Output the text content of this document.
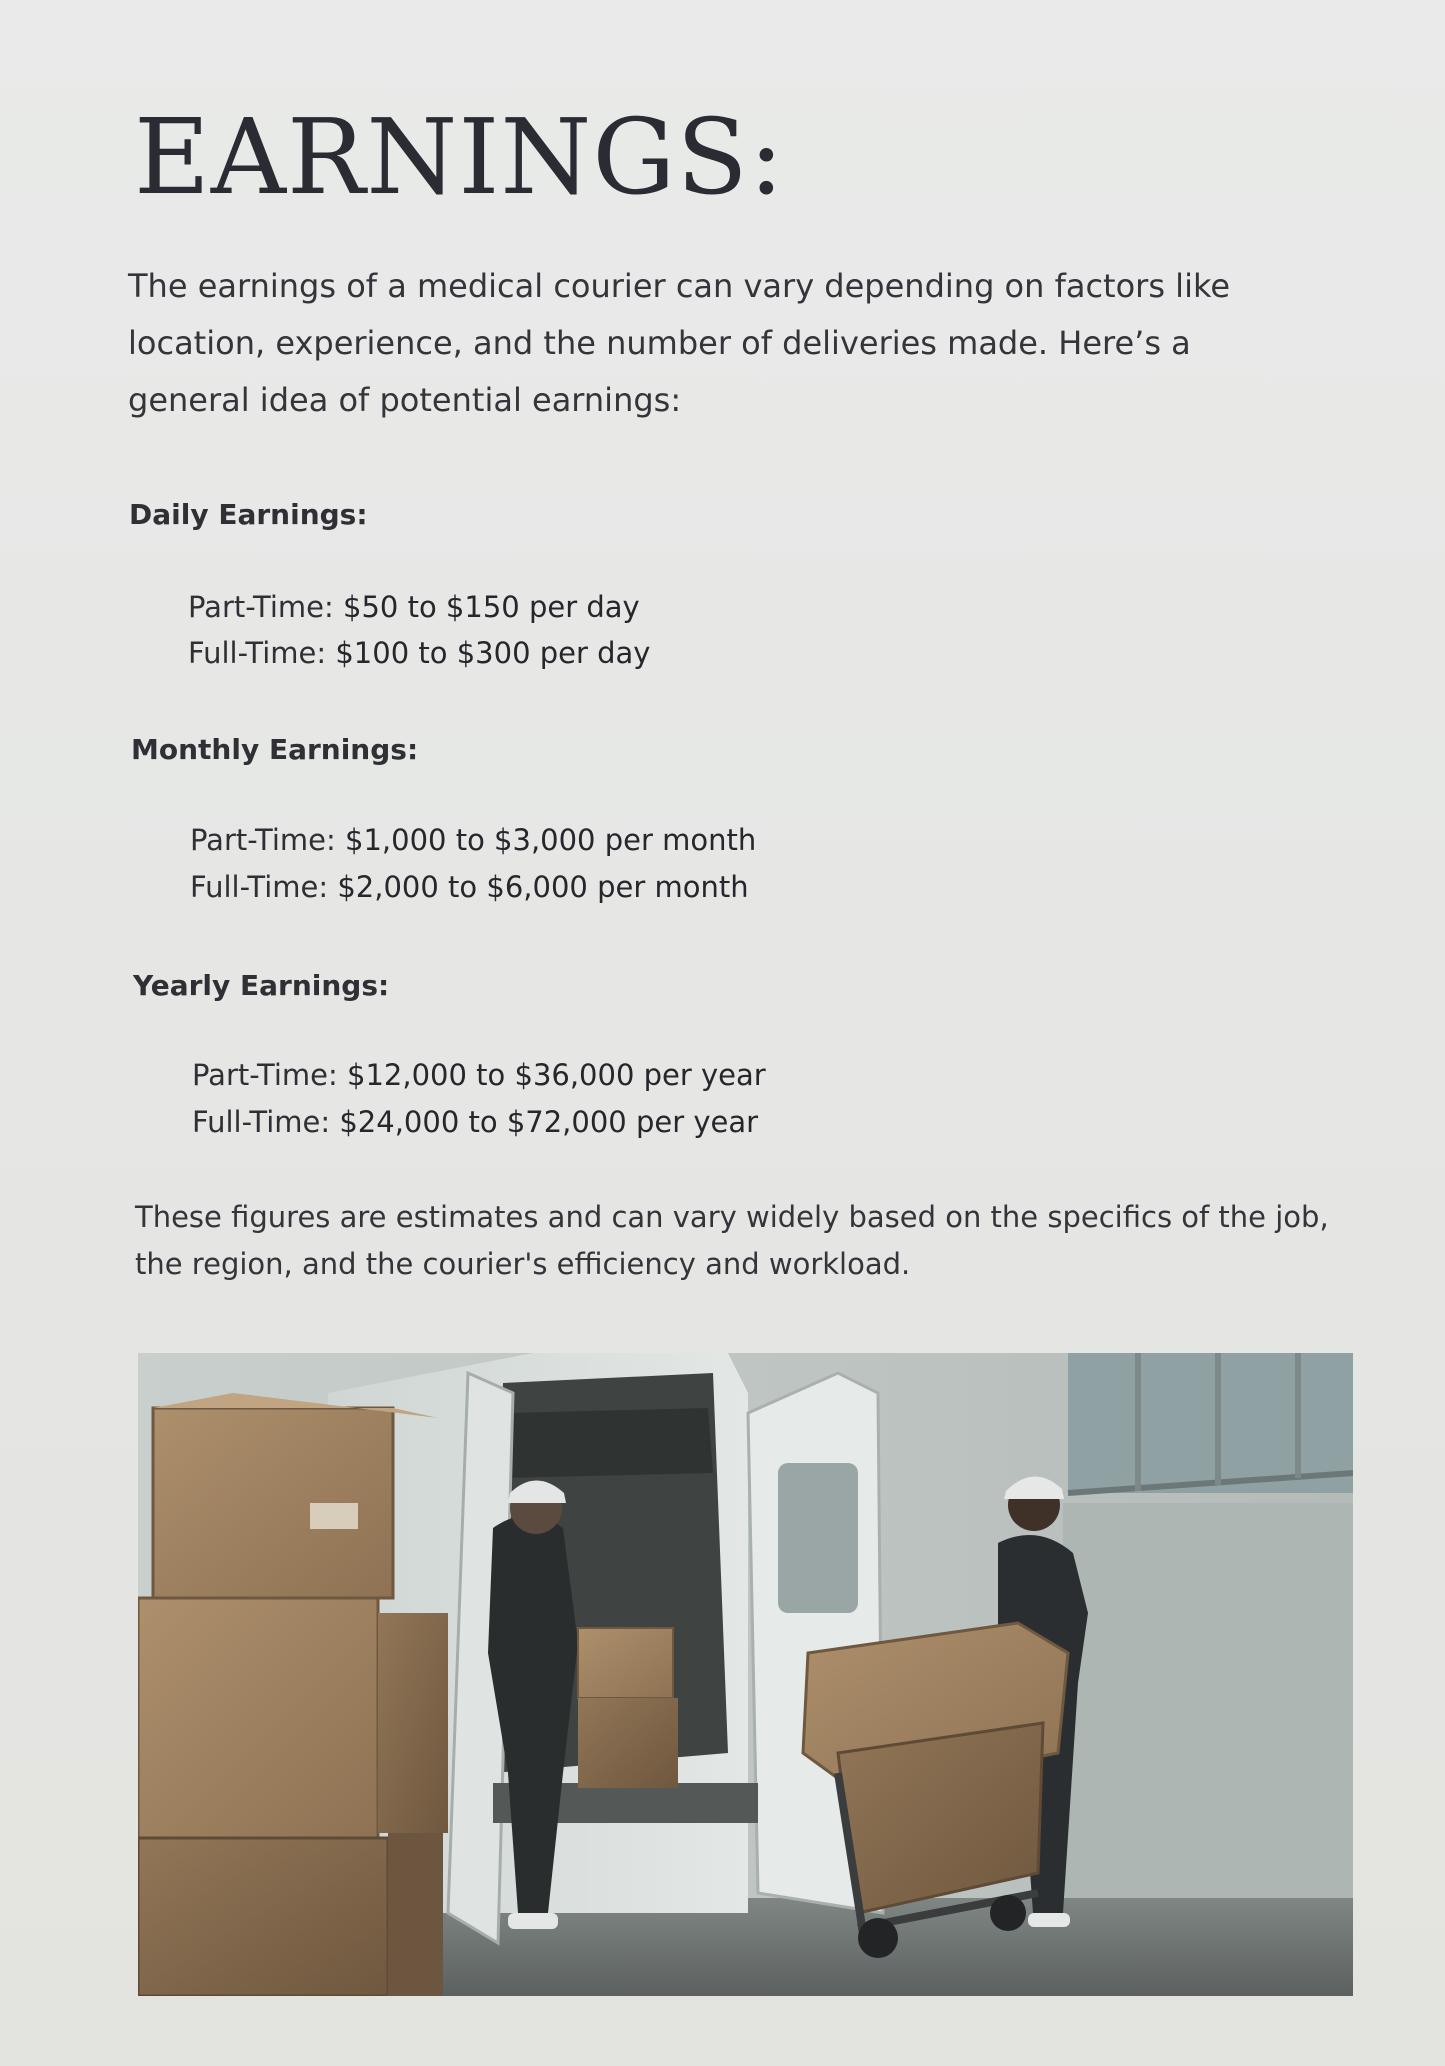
EARNINGS:

The earnings of a medical courier can vary depending on factors like location, experience, and the number of deliveries made. Here’s a general idea of potential earnings:

Daily Earnings:

Part-Time: $50 to $150 per day

Full-Time: $100 to $300 per day

Monthly Earnings:

Part-Time: $1,000 to $3,000 per month

Full-Time: $2,000 to $6,000 per month

Yearly Earnings:

Part-Time: $12,000 to $36,000 per year

Full-Time: $24,000 to $72,000 per year

These figures are estimates and can vary widely based on the specifics of the job, the region, and the courier's efficiency and workload.
